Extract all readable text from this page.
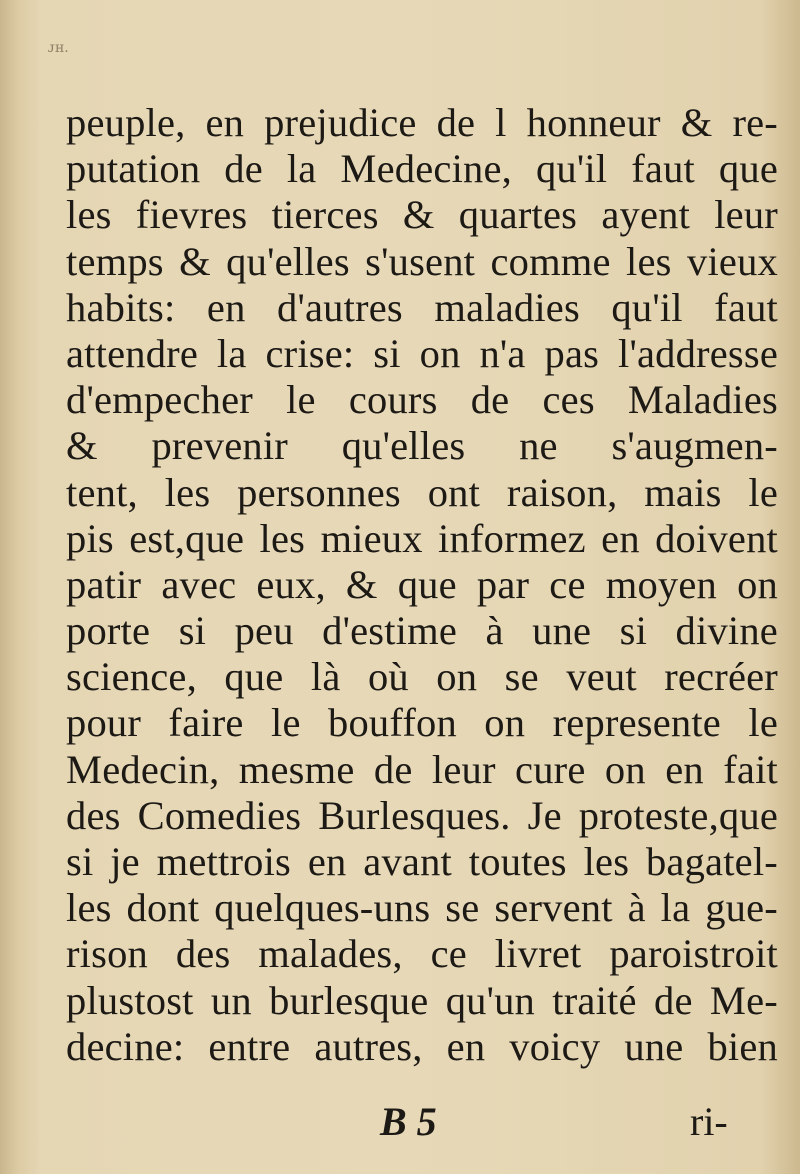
ᴊʜ.
peuple, en prejudice de l honneur & re-
putation de la Medecine, qu'il faut que
les fievres tierces & quartes ayent leur
temps & qu'elles s'usent comme les vieux
habits: en d'autres maladies qu'il faut
attendre la crise: si on n'a pas l'addresse
d'empecher le cours de ces Maladies
& prevenir qu'elles ne s'augmen-
tent, les personnes ont raison, mais le
pis est,que les mieux informez en doivent
patir avec eux, & que par ce moyen on
porte si peu d'estime à une si divine
science, que là où on se veut recréer
pour faire le bouffon on represente le
Medecin, mesme de leur cure on en fait
des Comedies Burlesques. Je proteste,que
si je mettrois en avant toutes les bagatel-
les dont quelques-uns se servent à la gue-
rison des malades, ce livret paroistroit
plustost un burlesque qu'un traité de Me-
decine: entre autres, en voicy une bien
B 5	ri-
